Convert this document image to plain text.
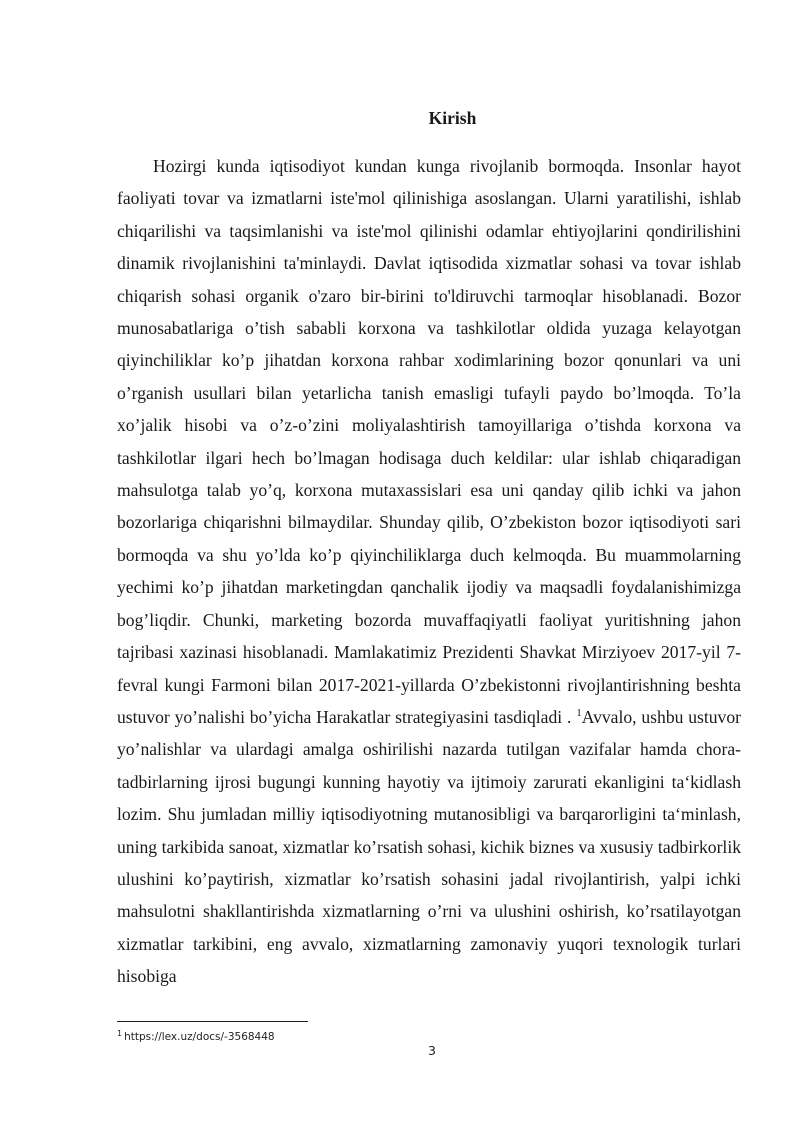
Kirish

Hozirgi kunda iqtisodiyot kundan kunga rivojlanib bormoqda. Insonlar hayot faoliyati tovar va izmatlarni iste'mol qilinishiga asoslangan. Ularni yaratilishi, ishlab chiqarilishi va taqsimlanishi va iste'mol qilinishi odamlar ehtiyojlarini qondirilishini dinamik rivojlanishini ta'minlaydi. Davlat iqtisodida xizmatlar sohasi va tovar ishlab chiqarish sohasi organik o'zaro bir-birini to'ldiruvchi tarmoqlar hisoblanadi. Bozor munosabatlariga o’tish sababli korxona va tashkilotlar oldida yuzaga kelayotgan qiyinchiliklar ko’p jihatdan korxona rahbar xodimlarining bozor qonunlari va uni o’rganish usullari bilan yetarlicha tanish emasligi tufayli paydo bo’lmoqda. To’la xo’jalik hisobi va o’z-o’zini moliyalashtirish tamoyillariga o’tishda korxona va tashkilotlar ilgari hech bo’lmagan hodisaga duch keldilar: ular ishlab chiqaradigan mahsulotga talab yo’q, korxona mutaxassislari esa uni qanday qilib ichki va jahon bozorlariga chiqarishni bilmaydilar. Shunday qilib, O’zbekiston bozor iqtisodiyoti sari bormoqda va shu yo’lda ko’p qiyinchiliklarga duch kelmoqda. Bu muammolarning yechimi ko’p jihatdan marketingdan qanchalik ijodiy va maqsadli foydalanishimizga bog’liqdir. Chunki, marketing bozorda muvaffaqiyatli faoliyat yuritishning jahon tajribasi xazinasi hisoblanadi. Mamlakatimiz Prezidenti Shavkat Mirziyoev 2017-yil 7-fevral kungi Farmoni bilan 2017-2021-yillarda O’zbekistonni rivojlantirishning beshta ustuvor yo’nalishi bo’yicha Harakatlar strategiyasini tasdiqladi . $^1$Avvalo, ushbu ustuvor yo’nalishlar va ulardagi amalga oshirilishi nazarda tutilgan vazifalar hamda chora-tadbirlarning ijrosi bugungi kunning hayotiy va ijtimoiy zarurati ekanligini ta‘kidlash lozim. Shu jumladan milliy iqtisodiyotning mutanosibligi va barqarorligini ta‘minlash, uning tarkibida sanoat, xizmatlar ko’rsatish sohasi, kichik biznes va xususiy tadbirkorlik ulushini ko’paytirish, xizmatlar ko’rsatish sohasini jadal rivojlantirish, yalpi ichki mahsulotni shakllantirishda xizmatlarning o’rni va ulushini oshirish, ko’rsatilayotgan xizmatlar tarkibini, eng avvalo, xizmatlarning zamonaviy yuqori texnologik turlari hisobiga

$^1$ https://lex.uz/docs/-3568448
3
